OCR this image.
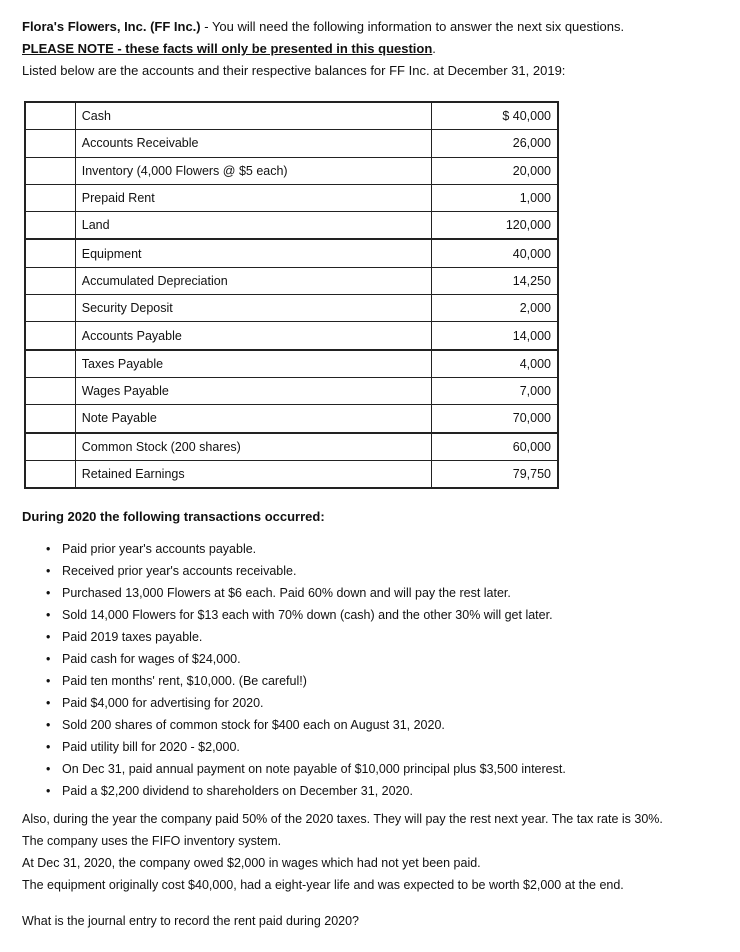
Flora's Flowers, Inc. (FF Inc.) - You will need the following information to answer the next six questions.
PLEASE NOTE - these facts will only be presented in this question.
Listed below are the accounts and their respective balances for FF Inc. at December 31, 2019:
	Cash	$ 40,000
	Accounts Receivable	26,000
	Inventory (4,000 Flowers @ $5 each)	20,000
	Prepaid Rent	1,000
	Land	120,000
	Equipment	40,000
	Accumulated Depreciation	14,250
	Security Deposit	2,000
	Accounts Payable	14,000
	Taxes Payable	4,000
	Wages Payable	7,000
	Note Payable	70,000
	Common Stock (200 shares)	60,000
	Retained Earnings	79,750
During 2020 the following transactions occurred:
• Paid prior year's accounts payable.
• Received prior year's accounts receivable.
• Purchased 13,000 Flowers at $6 each. Paid 60% down and will pay the rest later.
• Sold 14,000 Flowers for $13 each with 70% down (cash) and the other 30% will get later.
• Paid 2019 taxes payable.
• Paid cash for wages of $24,000.
• Paid ten months' rent, $10,000. (Be careful!)
• Paid $4,000 for advertising for 2020.
• Sold 200 shares of common stock for $400 each on August 31, 2020.
• Paid utility bill for 2020 - $2,000.
• On Dec 31, paid annual payment on note payable of $10,000 principal plus $3,500 interest.
• Paid a $2,200 dividend to shareholders on December 31, 2020.
Also, during the year the company paid 50% of the 2020 taxes. They will pay the rest next year. The tax rate is 30%.
The company uses the FIFO inventory system.
At Dec 31, 2020, the company owed $2,000 in wages which had not yet been paid.
The equipment originally cost $40,000, had a eight-year life and was expected to be worth $2,000 at the end.
What is the journal entry to record the rent paid during 2020?
